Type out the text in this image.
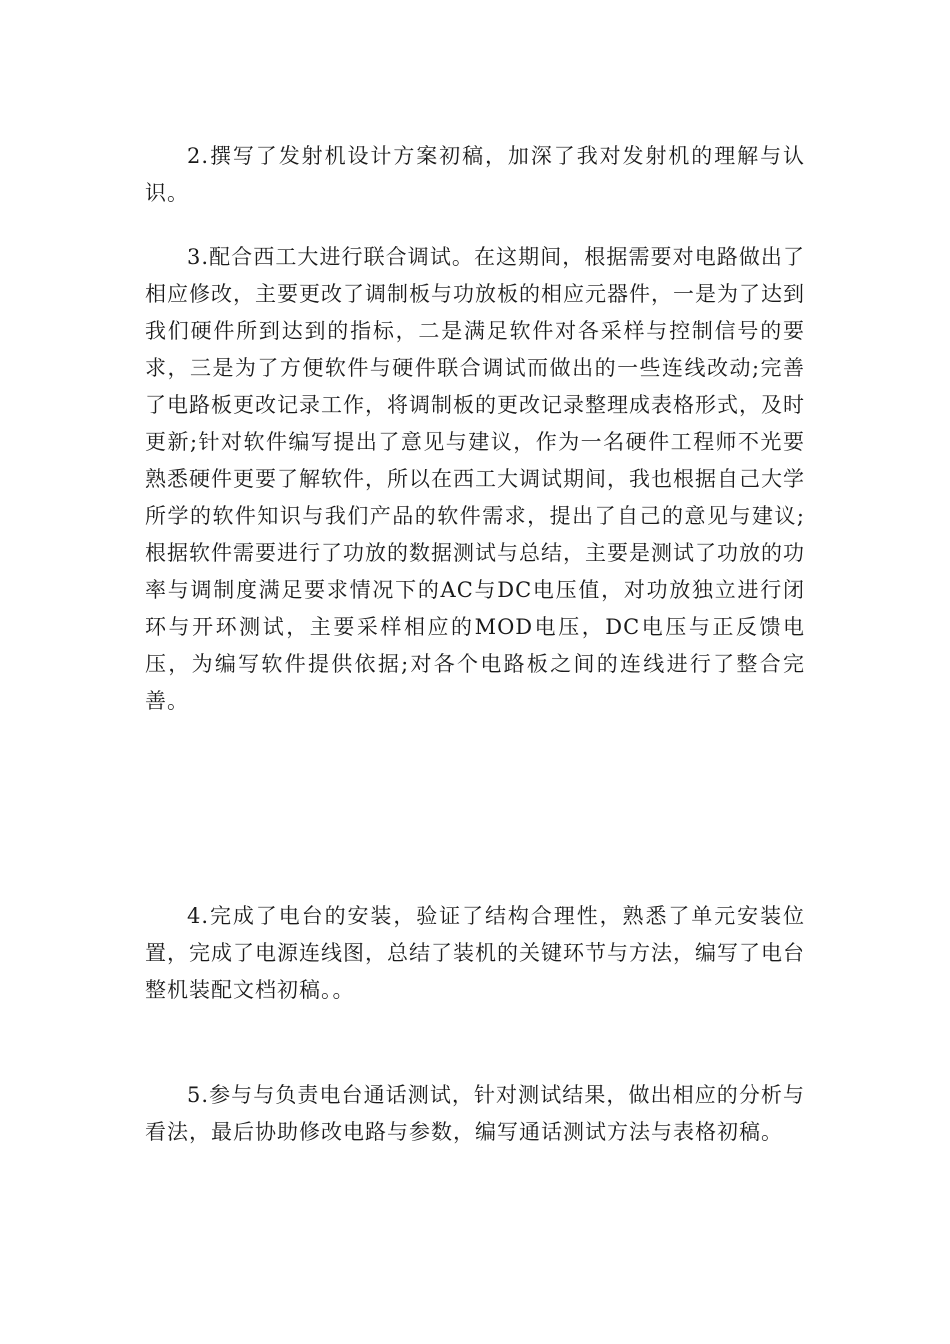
2.撰写了发射机设计方案初稿，加深了我对发射机的理解与认识。

3.配合西工大进行联合调试。在这期间，根据需要对电路做出了相应修改，主要更改了调制板与功放板的相应元器件，一是为了达到我们硬件所到达到的指标，二是满足软件对各采样与控制信号的要求，三是为了方便软件与硬件联合调试而做出的一些连线改动;完善了电路板更改记录工作，将调制板的更改记录整理成表格形式，及时更新;针对软件编写提出了意见与建议，作为一名硬件工程师不光要熟悉硬件更要了解软件，所以在西工大调试期间，我也根据自己大学所学的软件知识与我们产品的软件需求，提出了自己的意见与建议;根据软件需要进行了功放的数据测试与总结，主要是测试了功放的功率与调制度满足要求情况下的AC与DC电压值，对功放独立进行闭环与开环测试，主要采样相应的MOD电压，DC电压与正反馈电压，为编写软件提供依据;对各个电路板之间的连线进行了整合完善。

4.完成了电台的安装，验证了结构合理性，熟悉了单元安装位置，完成了电源连线图，总结了装机的关键环节与方法，编写了电台整机装配文档初稿。。

5.参与与负责电台通话测试，针对测试结果，做出相应的分析与看法，最后协助修改电路与参数，编写通话测试方法与表格初稿。
